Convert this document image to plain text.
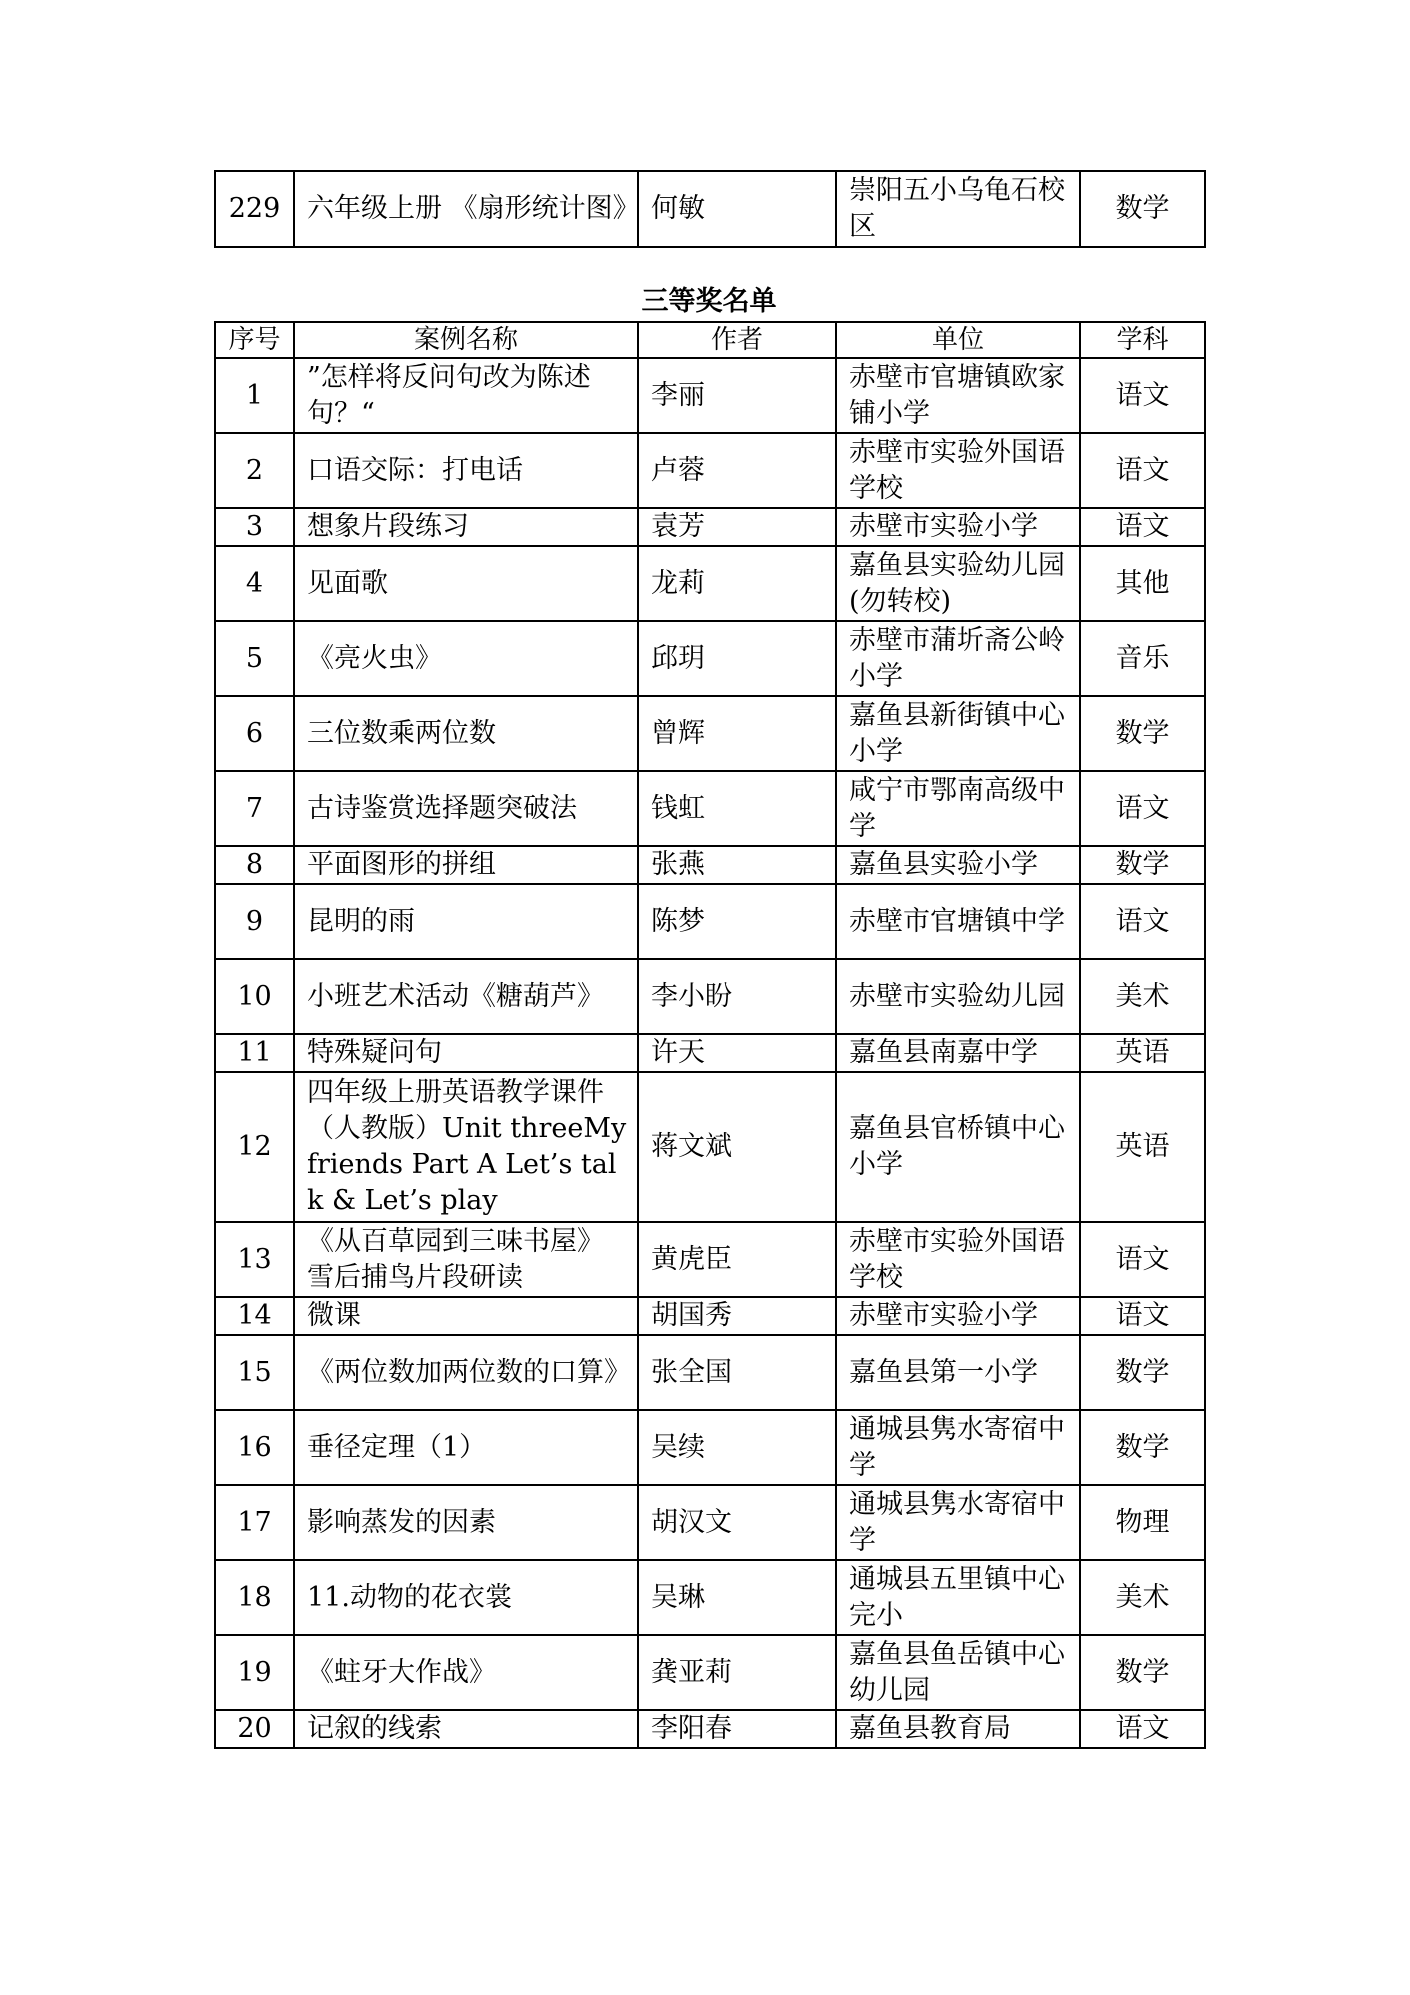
229	六年级上册 《扇形统计图》	何敏	崇阳五小乌龟石校区	数学
三等奖名单
序号	案例名称	作者	单位	学科
1	”怎样将反问句改为陈述句？“	李丽	赤壁市官塘镇欧家铺小学	语文
2	口语交际：打电话	卢蓉	赤壁市实验外国语学校	语文
3	想象片段练习	袁芳	赤壁市实验小学	语文
4	见面歌	龙莉	嘉鱼县实验幼儿园(勿转校)	其他
5	《亮火虫》	邱玥	赤壁市蒲圻斋公岭小学	音乐
6	三位数乘两位数	曾辉	嘉鱼县新街镇中心小学	数学
7	古诗鉴赏选择题突破法	钱虹	咸宁市鄂南高级中学	语文
8	平面图形的拼组	张燕	嘉鱼县实验小学	数学
9	昆明的雨	陈梦	赤壁市官塘镇中学	语文
10	小班艺术活动《糖葫芦》	李小盼	赤壁市实验幼儿园	美术
11	特殊疑问句	许天	嘉鱼县南嘉中学	英语
12	四年级上册英语教学课件（人教版）Unit threeMy friends Part A Let’s talk & Let’s play	蒋文斌	嘉鱼县官桥镇中心小学	英语
13	《从百草园到三味书屋》雪后捕鸟片段研读	黄虎臣	赤壁市实验外国语学校	语文
14	微课	胡国秀	赤壁市实验小学	语文
15	《两位数加两位数的口算》	张全国	嘉鱼县第一小学	数学
16	垂径定理（1）	吴续	通城县隽水寄宿中学	数学
17	影响蒸发的因素	胡汉文	通城县隽水寄宿中学	物理
18	11.动物的花衣裳	吴琳	通城县五里镇中心完小	美术
19	《蛀牙大作战》	龚亚莉	嘉鱼县鱼岳镇中心幼儿园	数学
20	记叙的线索	李阳春	嘉鱼县教育局	语文
